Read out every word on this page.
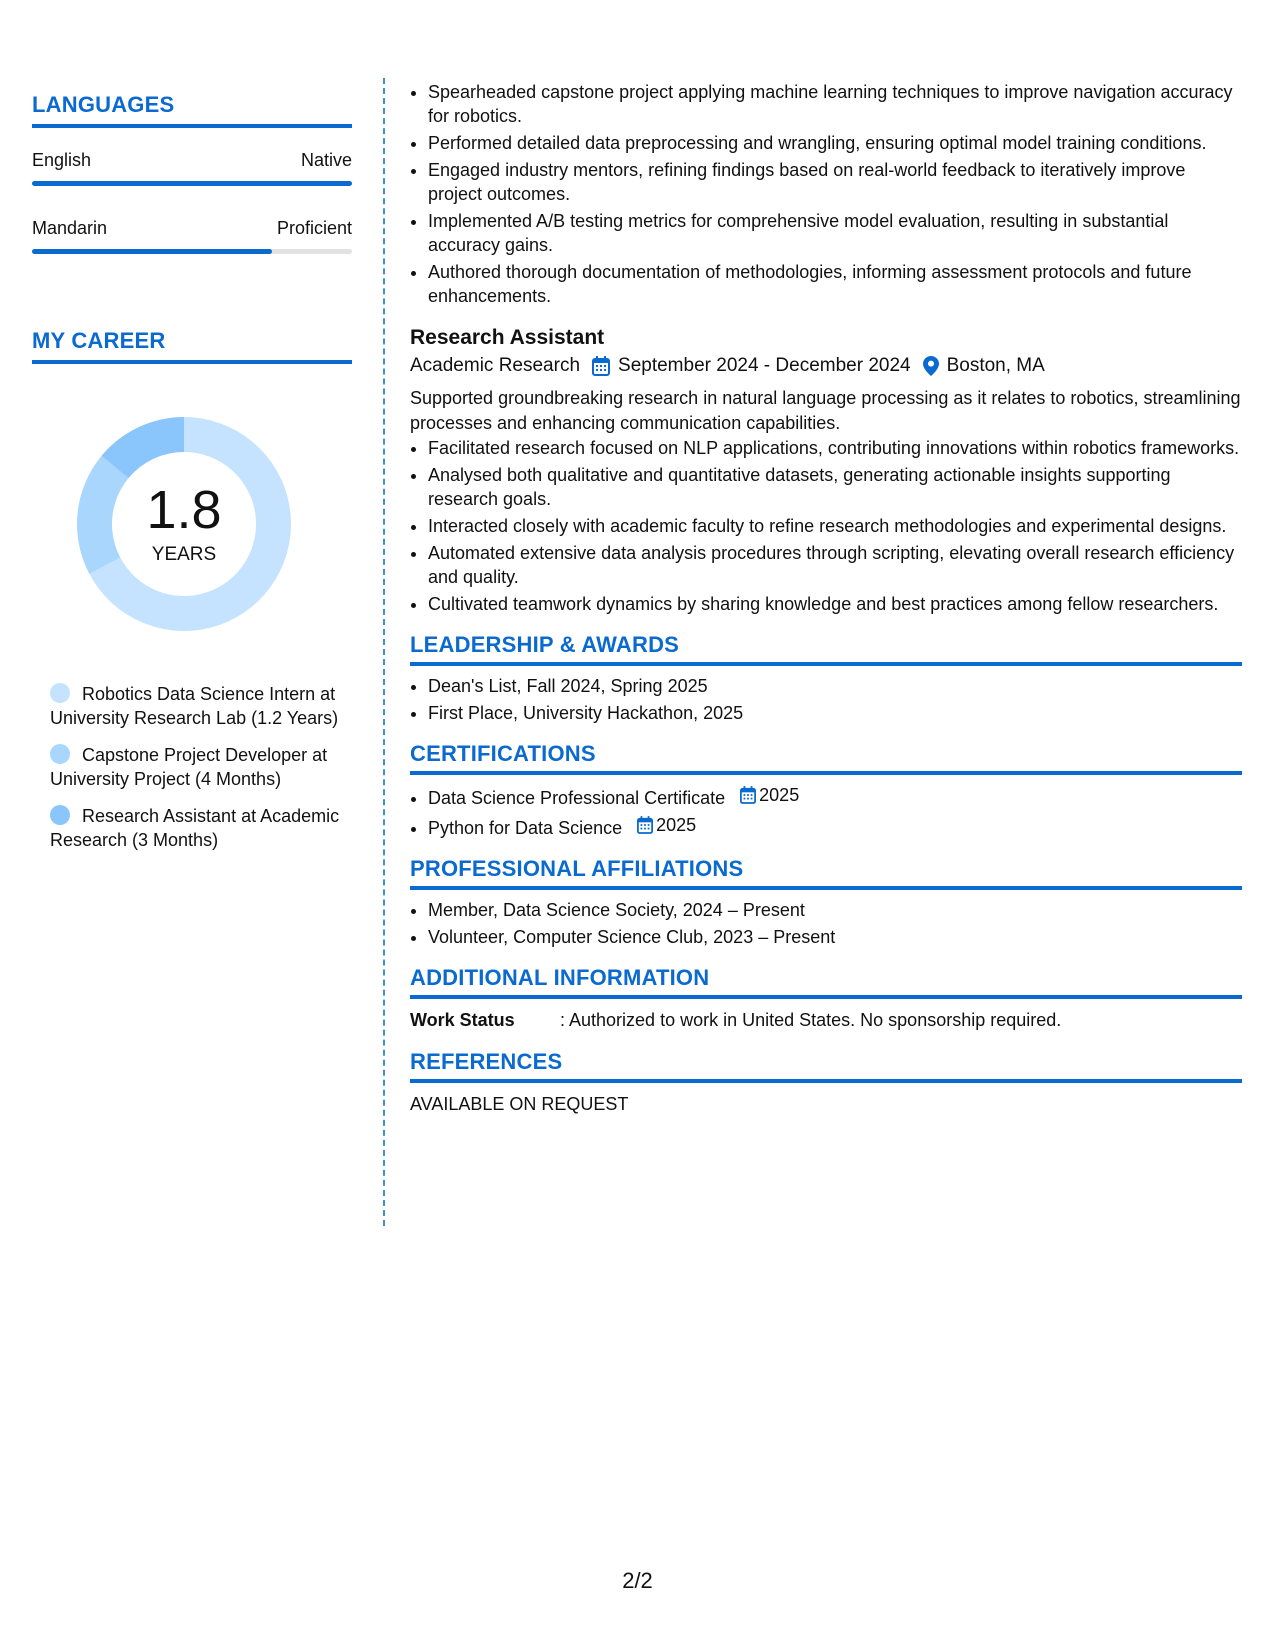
LANGUAGES
English	Native
Mandarin	Proficient
MY CAREER
1.8
YEARS
Robotics Data Science Intern at University Research Lab (1.2 Years)
Capstone Project Developer at University Project (4 Months)
Research Assistant at Academic Research (3 Months)
• Spearheaded capstone project applying machine learning techniques to improve navigation accuracy for robotics.
• Performed detailed data preprocessing and wrangling, ensuring optimal model training conditions.
• Engaged industry mentors, refining findings based on real-world feedback to iteratively improve project outcomes.
• Implemented A/B testing metrics for comprehensive model evaluation, resulting in substantial accuracy gains.
• Authored thorough documentation of methodologies, informing assessment protocols and future enhancements.
Research Assistant
Academic Research September 2024 - December 2024 Boston, MA
Supported groundbreaking research in natural language processing as it relates to robotics, streamlining processes and enhancing communication capabilities.
• Facilitated research focused on NLP applications, contributing innovations within robotics frameworks.
• Analysed both qualitative and quantitative datasets, generating actionable insights supporting research goals.
• Interacted closely with academic faculty to refine research methodologies and experimental designs.
• Automated extensive data analysis procedures through scripting, elevating overall research efficiency and quality.
• Cultivated teamwork dynamics by sharing knowledge and best practices among fellow researchers.
LEADERSHIP & AWARDS
• Dean's List, Fall 2024, Spring 2025
• First Place, University Hackathon, 2025
CERTIFICATIONS
• Data Science Professional Certificate 2025
• Python for Data Science 2025
PROFESSIONAL AFFILIATIONS
• Member, Data Science Society, 2024 – Present
• Volunteer, Computer Science Club, 2023 – Present
ADDITIONAL INFORMATION
Work Status	: Authorized to work in United States. No sponsorship required.
REFERENCES
AVAILABLE ON REQUEST
2/2
